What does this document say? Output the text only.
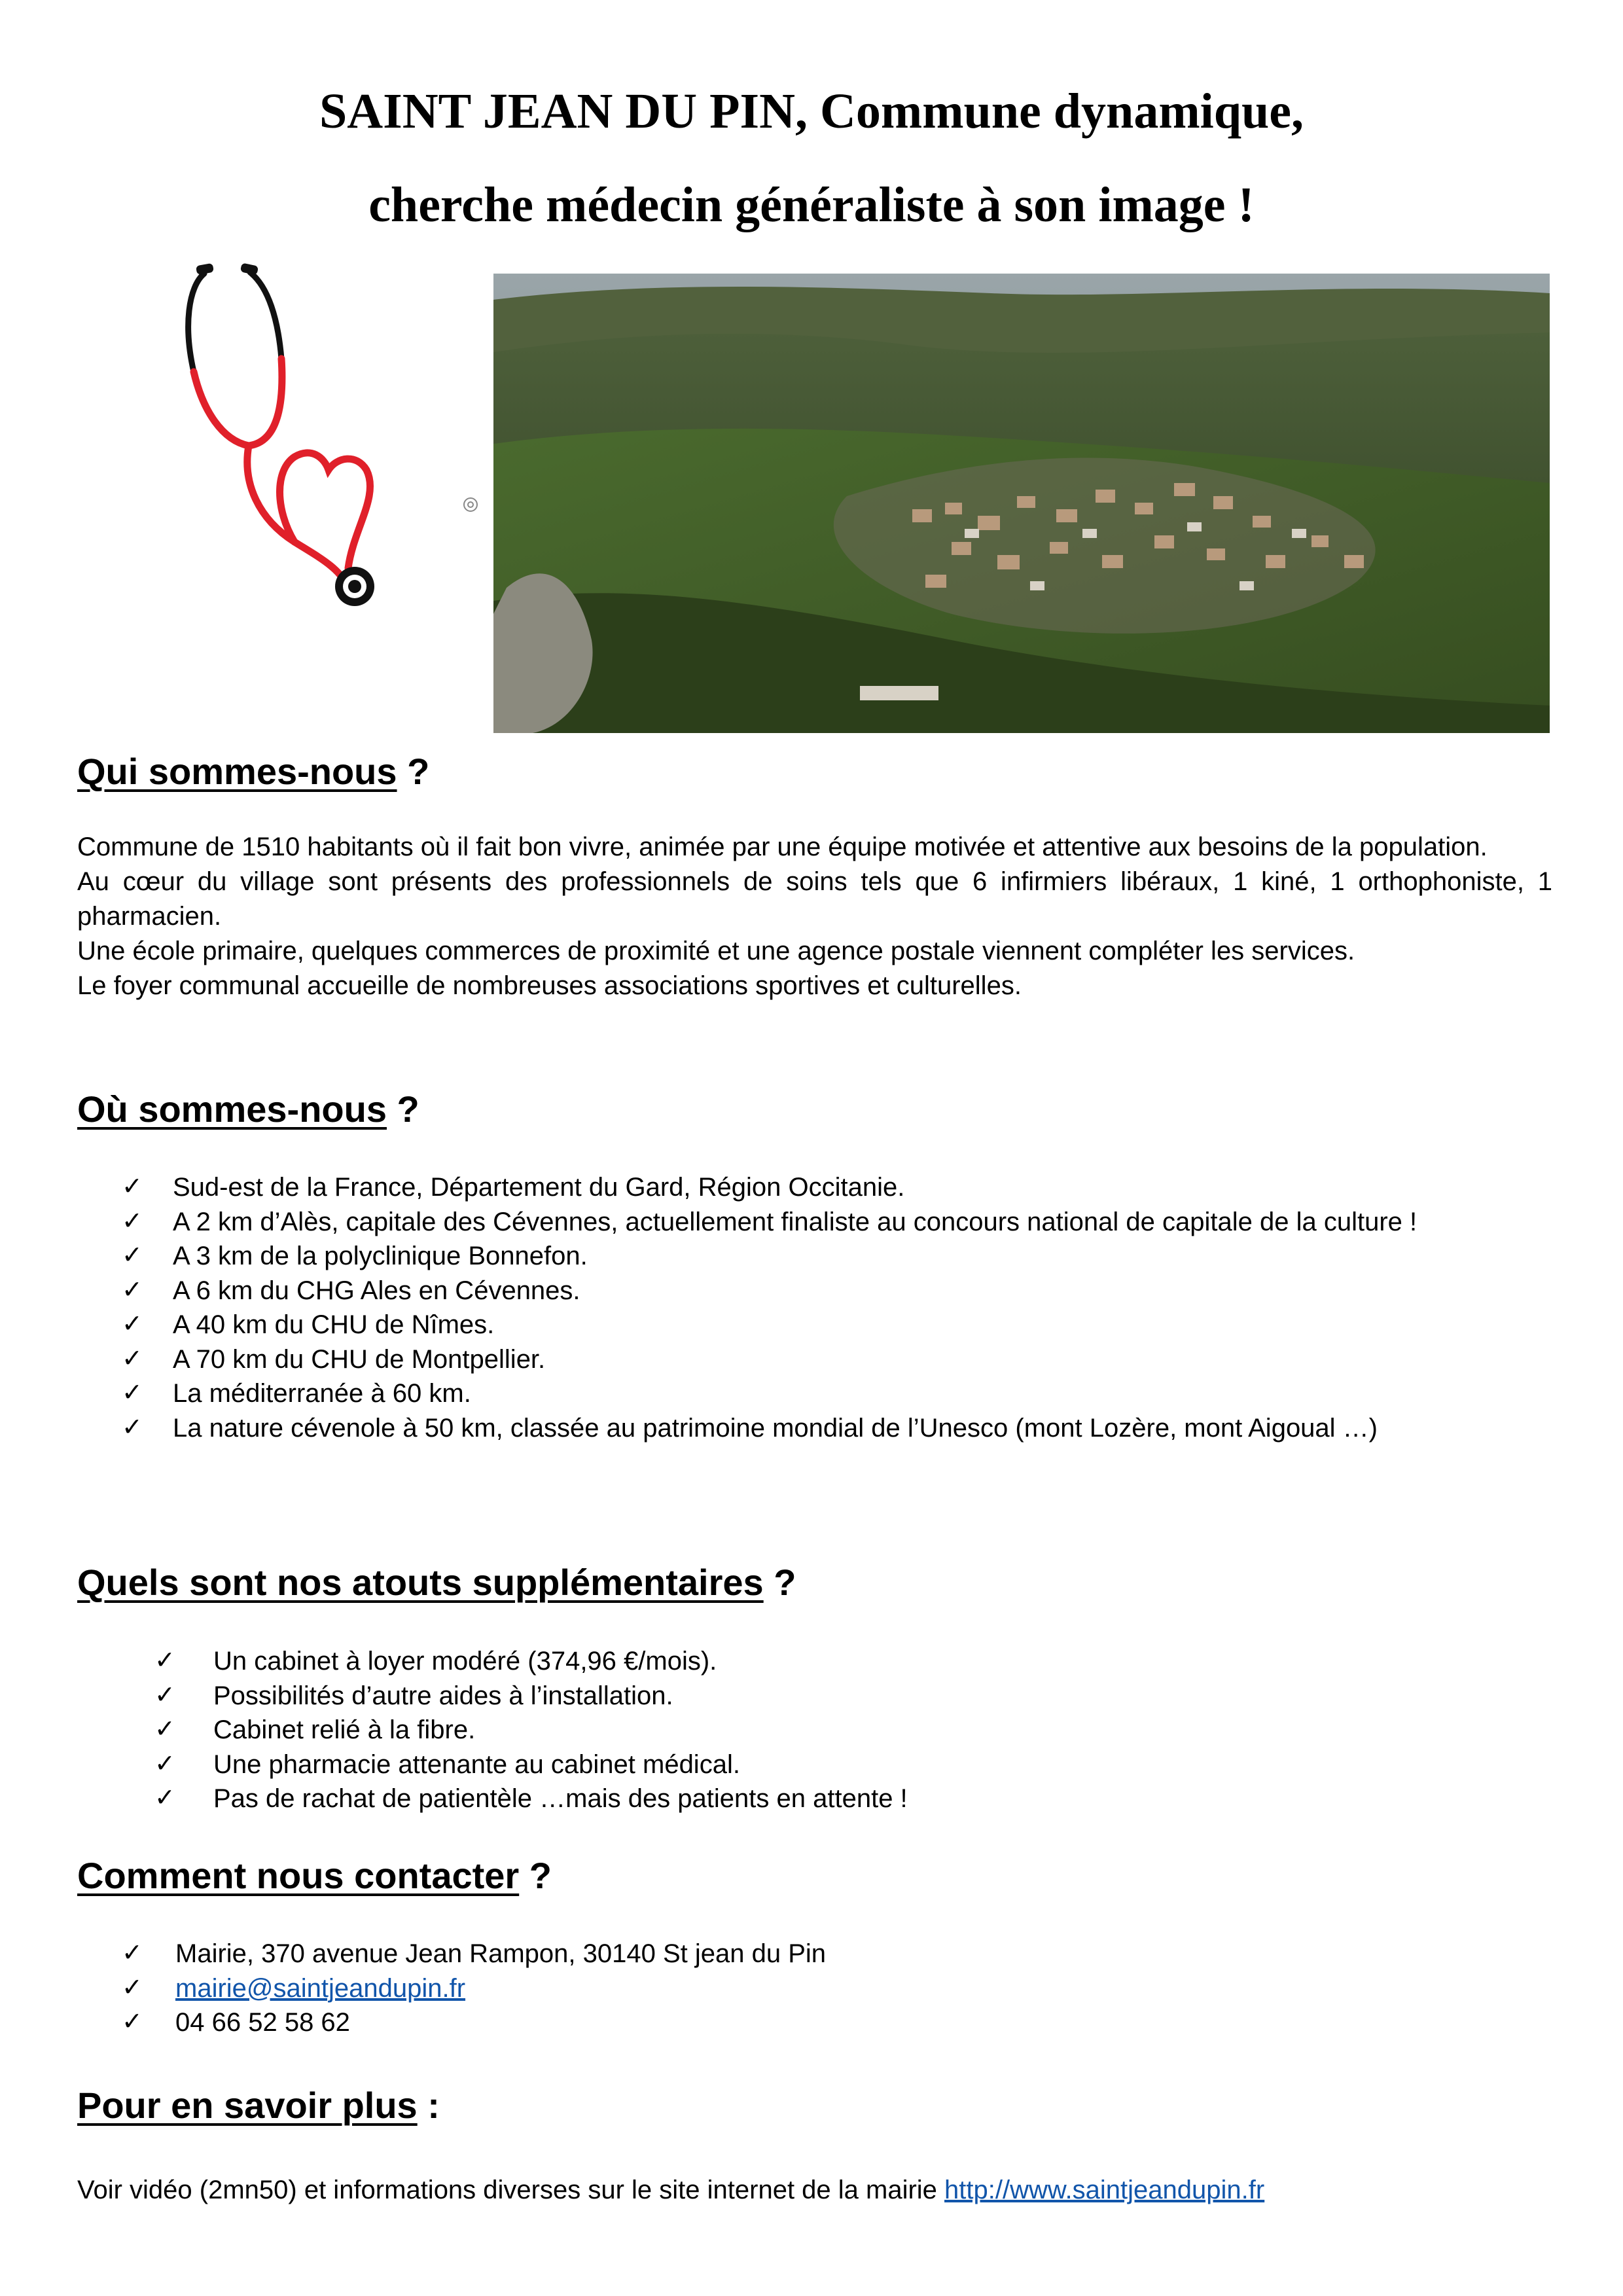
SAINT JEAN DU PIN, Commune dynamique,
cherche médecin généraliste à son image !
Qui sommes-nous ?

Commune de 1510 habitants où il fait bon vivre, animée par une équipe motivée et attentive aux besoins de la population.

Au cœur du village sont présents des professionnels de soins tels que 6 infirmiers libéraux, 1 kiné, 1 orthophoniste, 1 pharmacien.

Une école primaire, quelques commerces de proximité et une agence postale viennent compléter les services.

Le foyer communal accueille de nombreuses associations sportives et culturelles.

Où sommes-nous ?
✓ Sud-est de la France, Département du Gard, Région Occitanie.
✓ A 2 km d’Alès, capitale des Cévennes, actuellement finaliste au concours national de capitale de la culture !
✓ A 3 km de la polyclinique Bonnefon.
✓ A 6 km du CHG Ales en Cévennes.
✓ A 40 km du CHU de Nîmes.
✓ A 70 km du CHU de Montpellier.
✓ La méditerranée à 60 km.
✓ La nature cévenole à 50 km, classée au patrimoine mondial de l’Unesco (mont Lozère, mont Aigoual …)
Quels sont nos atouts supplémentaires ?
✓ Un cabinet à loyer modéré (374,96 €/mois).
✓ Possibilités d’autre aides à l’installation.
✓ Cabinet relié à la fibre.
✓ Une pharmacie attenante au cabinet médical.
✓ Pas de rachat de patientèle …mais des patients en attente !
Comment nous contacter ?
✓ Mairie, 370 avenue Jean Rampon, 30140 St jean du Pin
✓ mairie@saintjeandupin.fr
✓ 04 66 52 58 62
Pour en savoir plus :
Voir vidéo (2mn50) et informations diverses sur le site internet de la mairie http://www.saintjeandupin.fr
